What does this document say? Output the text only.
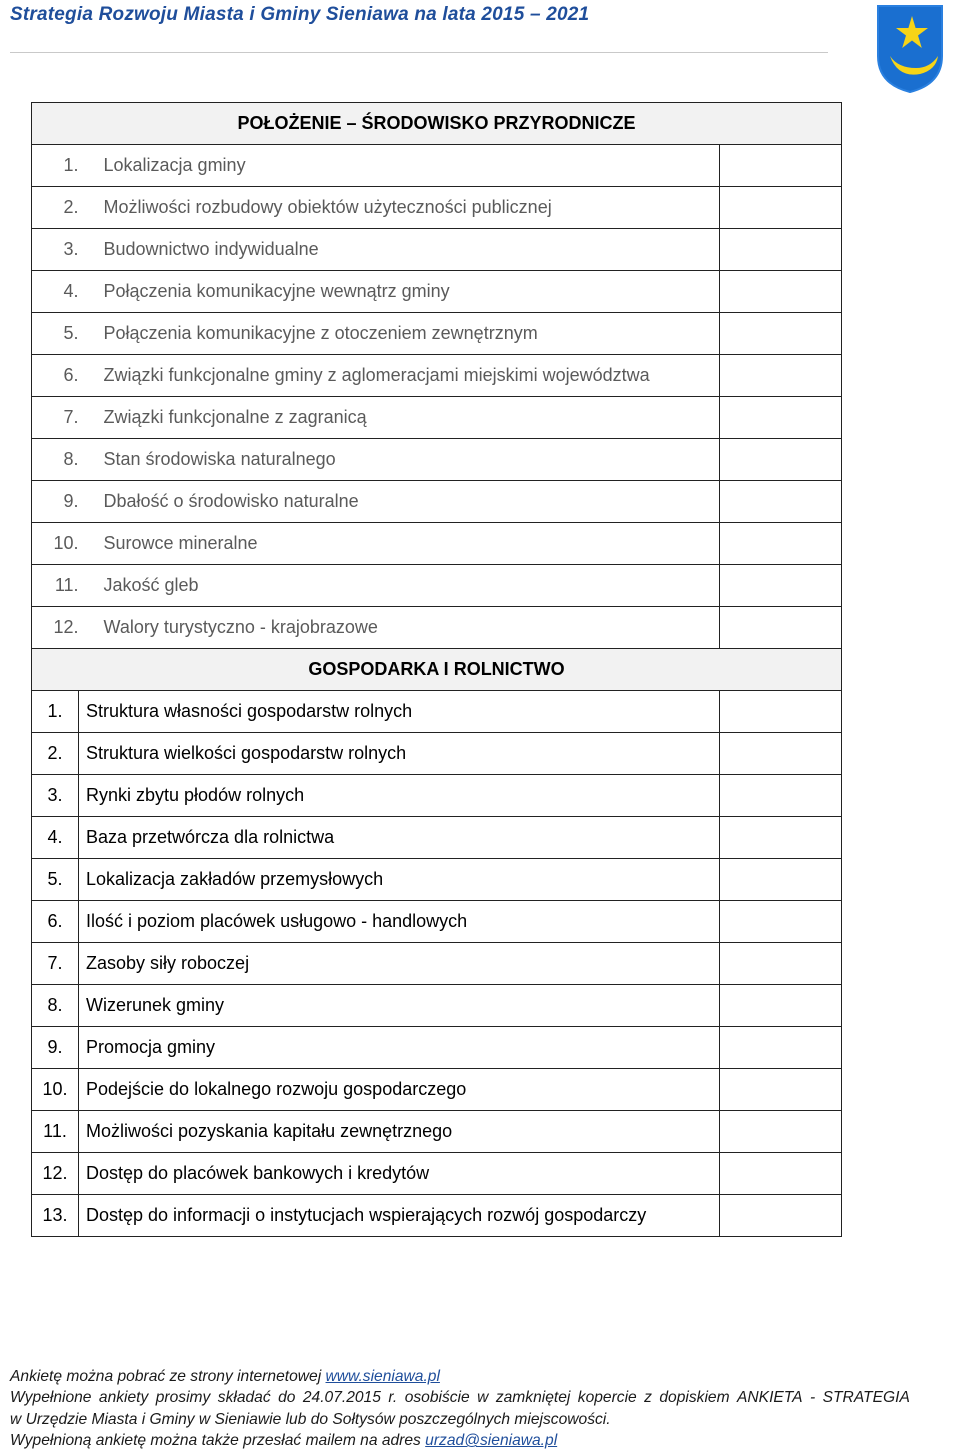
Strategia Rozwoju Miasta i Gminy Sieniawa na lata 2015 – 2021
POŁOŻENIE – ŚRODOWISKO PRZYRODNICZE		
1.	Lokalizacja gminy	
2.	Możliwości rozbudowy obiektów użyteczności publicznej	
3.	Budownictwo indywidualne	
4.	Połączenia komunikacyjne wewnątrz gminy	
5.	Połączenia komunikacyjne z otoczeniem zewnętrznym	
6.	Związki funkcjonalne gminy z aglomeracjami miejskimi województwa	
7.	Związki funkcjonalne z zagranicą	
8.	Stan środowiska naturalnego	
9.	Dbałość o środowisko naturalne	
10.	Surowce mineralne	
11.	Jakość gleb	
12.	Walory turystyczno - krajobrazowe	
GOSPODARKA I ROLNICTWO		
1.	Struktura własności gospodarstw rolnych	
2.	Struktura wielkości gospodarstw rolnych	
3.	Rynki zbytu płodów rolnych	
4.	Baza przetwórcza dla rolnictwa	
5.	Lokalizacja zakładów przemysłowych	
6.	Ilość i poziom placówek usługowo - handlowych	
7.	Zasoby siły roboczej	
8.	Wizerunek gminy	
9.	Promocja gminy	
10.	Podejście do lokalnego rozwoju gospodarczego	
11.	Możliwości pozyskania kapitału zewnętrznego	
12.	Dostęp do placówek bankowych i kredytów	
13.	Dostęp do informacji o instytucjach wspierających rozwój gospodarczy	
Ankietę można pobrać ze strony internetowej www.sieniawa.pl
Wypełnione ankiety prosimy składać do 24.07.2015 r. osobiście w zamkniętej kopercie z dopiskiem ANKIETA - STRATEGIA
w Urzędzie Miasta i Gminy w Sieniawie lub do Sołtysów poszczególnych miejscowości.
Wypełnioną ankietę można także przesłać mailem na adres urzad@sieniawa.pl
